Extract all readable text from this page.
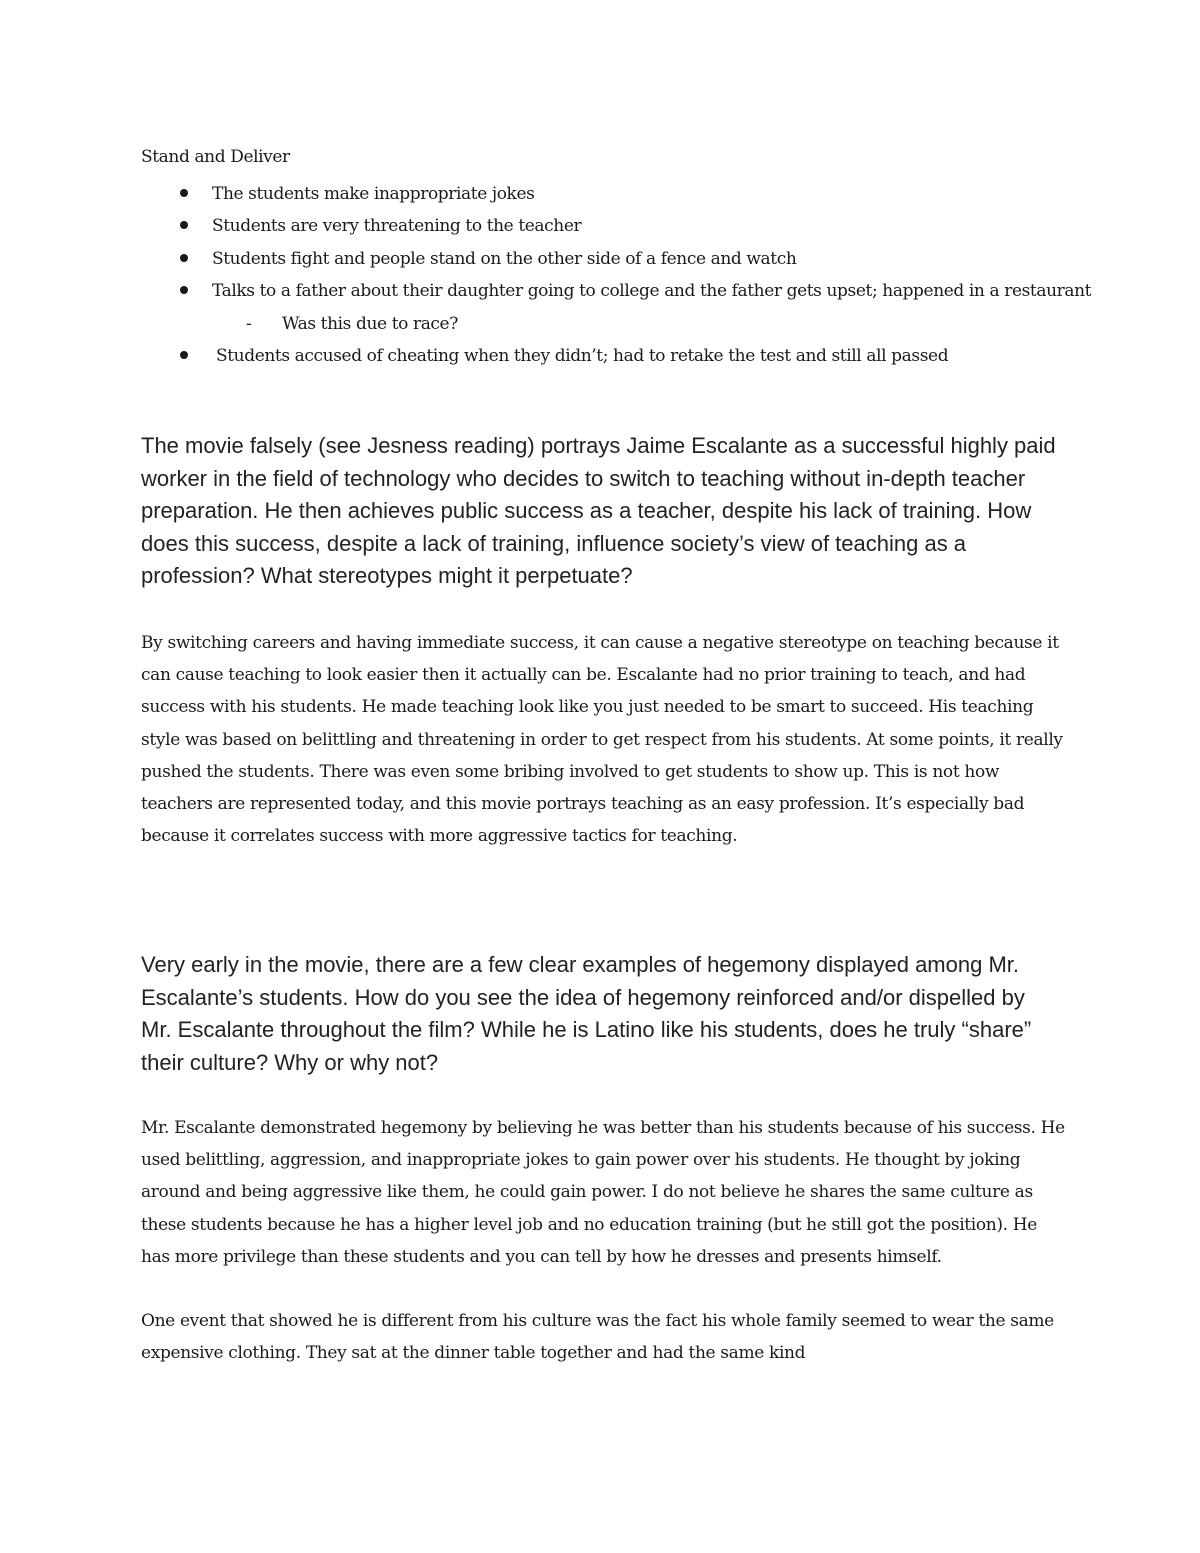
Stand and Deliver
The students make inappropriate jokes
Students are very threatening to the teacher
Students fight and people stand on the other side of a fence and watch
Talks to a father about their daughter going to college and the father gets upset; happened in a restaurant
- Was this due to race?
Students accused of cheating when they didn’t; had to retake the test and still all passed

The movie falsely (see Jesness reading) portrays Jaime Escalante as a successful highly paid worker in the field of technology who decides to switch to teaching without in-depth teacher preparation. He then achieves public success as a teacher, despite his lack of training. How does this success, despite a lack of training, influence society’s view of teaching as a profession? What stereotypes might it perpetuate?

By switching careers and having immediate success, it can cause a negative stereotype on teaching because it can cause teaching to look easier then it actually can be. Escalante had no prior training to teach, and had success with his students. He made teaching look like you just needed to be smart to succeed. His teaching style was based on belittling and threatening in order to get respect from his students. At some points, it really pushed the students. There was even some bribing involved to get students to show up. This is not how teachers are represented today, and this movie portrays teaching as an easy profession. It’s especially bad because it correlates success with more aggressive tactics for teaching.

Very early in the movie, there are a few clear examples of hegemony displayed among Mr. Escalante’s students. How do you see the idea of hegemony reinforced and/or dispelled by Mr. Escalante throughout the film? While he is Latino like his students, does he truly “share” their culture? Why or why not?

Mr. Escalante demonstrated hegemony by believing he was better than his students because of his success. He used belittling, aggression, and inappropriate jokes to gain power over his students. He thought by joking around and being aggressive like them, he could gain power. I do not believe he shares the same culture as these students because he has a higher level job and no education training (but he still got the position). He has more privilege than these students and you can tell by how he dresses and presents himself.

One event that showed he is different from his culture was the fact his whole family seemed to wear the same expensive clothing. They sat at the dinner table together and had the same kind
